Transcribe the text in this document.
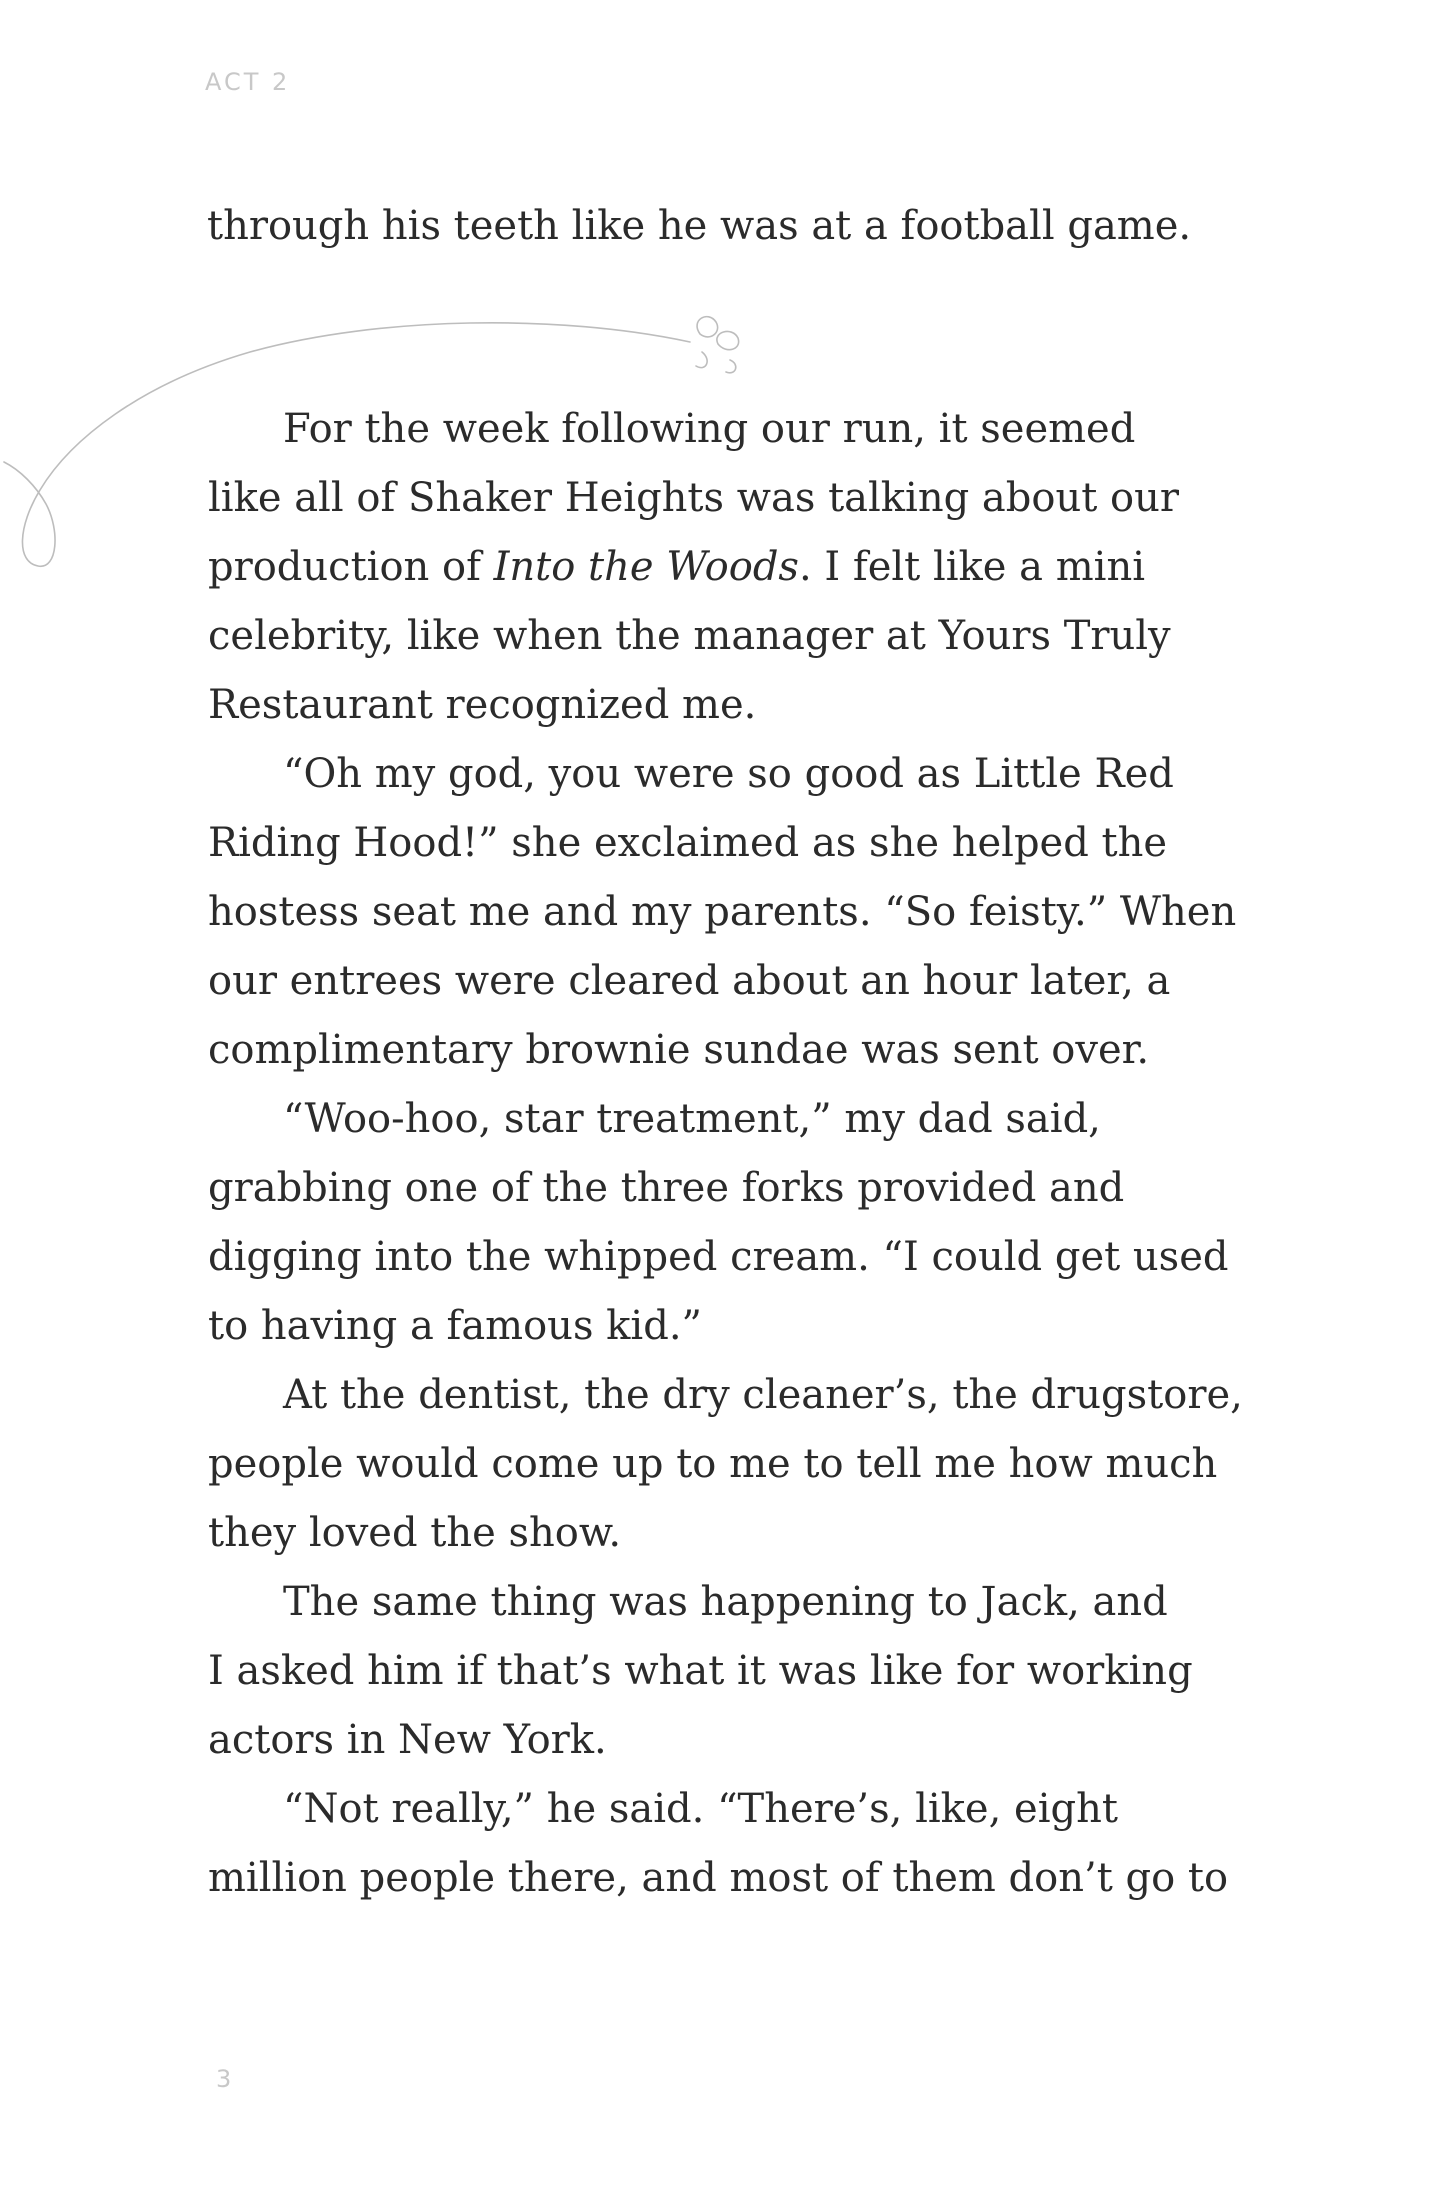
ACT 2

through his teeth like he was at a football game.

For the week following our run, it seemed
like all of Shaker Heights was talking about our
production of Into the Woods. I felt like a mini
celebrity, like when the manager at Yours Truly
Restaurant recognized me.

“Oh my god, you were so good as Little Red
Riding Hood!” she exclaimed as she helped the
hostess seat me and my parents. “So feisty.” When
our entrees were cleared about an hour later, a
complimentary brownie sundae was sent over.

“Woo-hoo, star treatment,” my dad said,
grabbing one of the three forks provided and
digging into the whipped cream. “I could get used
to having a famous kid.”

At the dentist, the dry cleaner’s, the drugstore,
people would come up to me to tell me how much
they loved the show.

The same thing was happening to Jack, and
I asked him if that’s what it was like for working
actors in New York.

“Not really,” he said. “There’s, like, eight
million people there, and most of them don’t go to

3
